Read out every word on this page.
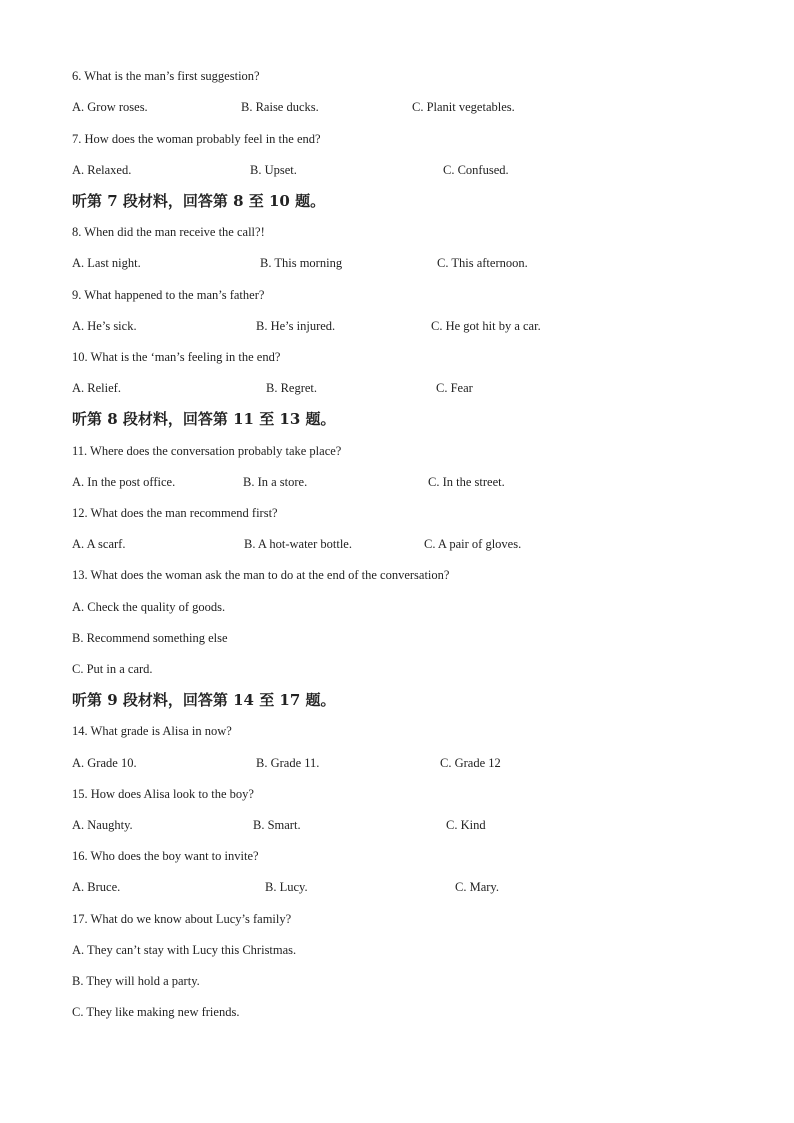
6. What is the man’s first suggestion?
A. Grow roses.	B. Raise ducks.	C. Planit vegetables.
7. How does the woman probably feel in the end?
A. Relaxed.	B. Upset.	C. Confused.
听第 7 段材料，回答第 8 至 10 题。
8. When did the man receive the call?!
A. Last night.	B. This morning	C. This afternoon.
9. What happened to the man’s father?
A. He’s sick.	B. He’s injured.	C. He got hit by a car.
10. What is the ‘man’s feeling in the end?
A. Relief.	B. Regret.	C. Fear
听第 8 段材料，回答第 11 至 13 题。
11. Where does the conversation probably take place?
A. In the post office.	B. In a store.	C. In the street.
12. What does the man recommend first?
A. A scarf.	B. A hot-water bottle.	C. A pair of gloves.
13. What does the woman ask the man to do at the end of the conversation?
A. Check the quality of goods.
B. Recommend something else
C. Put in a card.
听第 9 段材料，回答第 14 至 17 题。
14. What grade is Alisa in now?
A. Grade 10.	B. Grade 11.	C. Grade 12
15. How does Alisa look to the boy?
A. Naughty.	B. Smart.	C. Kind
16. Who does the boy want to invite?
A. Bruce.	B. Lucy.	C. Mary.
17. What do we know about Lucy’s family?
A. They can’t stay with Lucy this Christmas.
B. They will hold a party.
C. They like making new friends.
